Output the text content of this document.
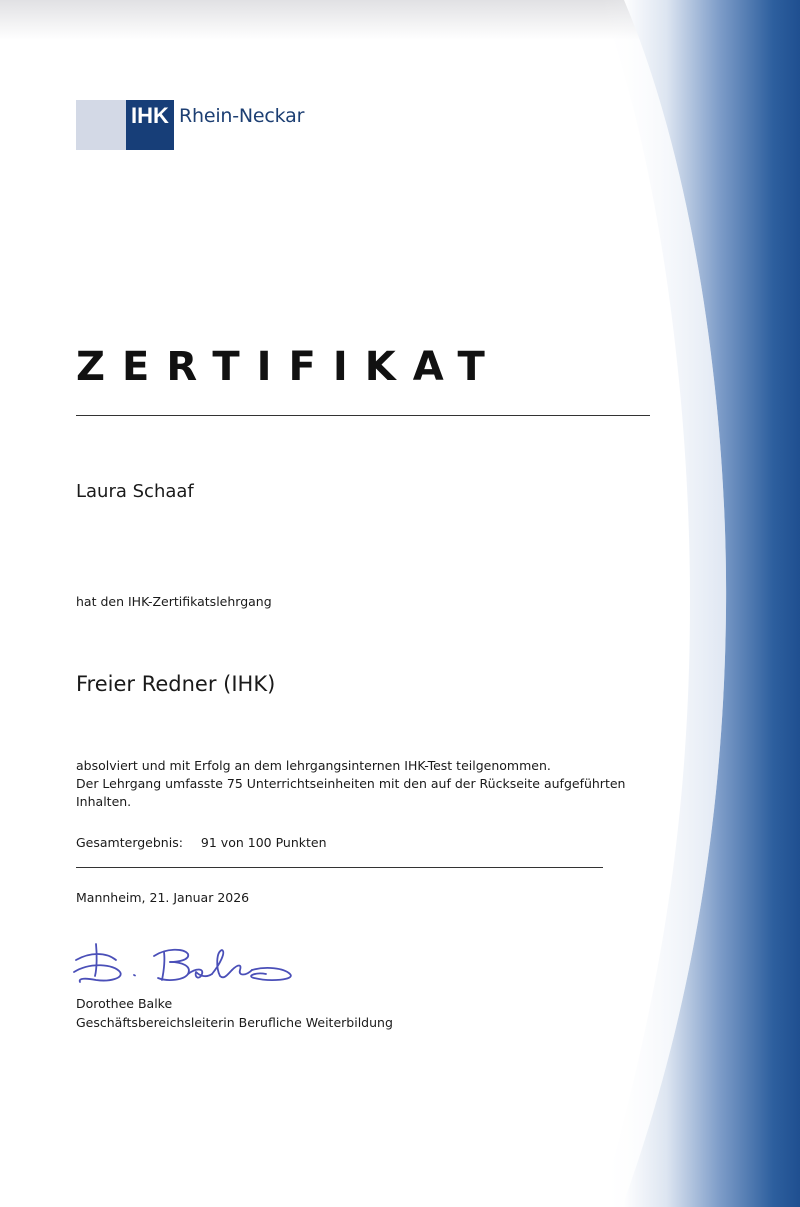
IHK Rhein-Neckar
ZERTIFIKAT

Laura Schaaf

hat den IHK-Zertifikatslehrgang

Freier Redner (IHK)

absolviert und mit Erfolg an dem lehrgangsinternen IHK-Test teilgenommen.
Der Lehrgang umfasste 75 Unterrichtseinheiten mit den auf der Rückseite aufgeführten
Inhalten.

Gesamtergebnis: 91 von 100 Punkten

Mannheim, 21. Januar 2026

Dorothee Balke

Geschäftsbereichsleiterin Berufliche Weiterbildung
